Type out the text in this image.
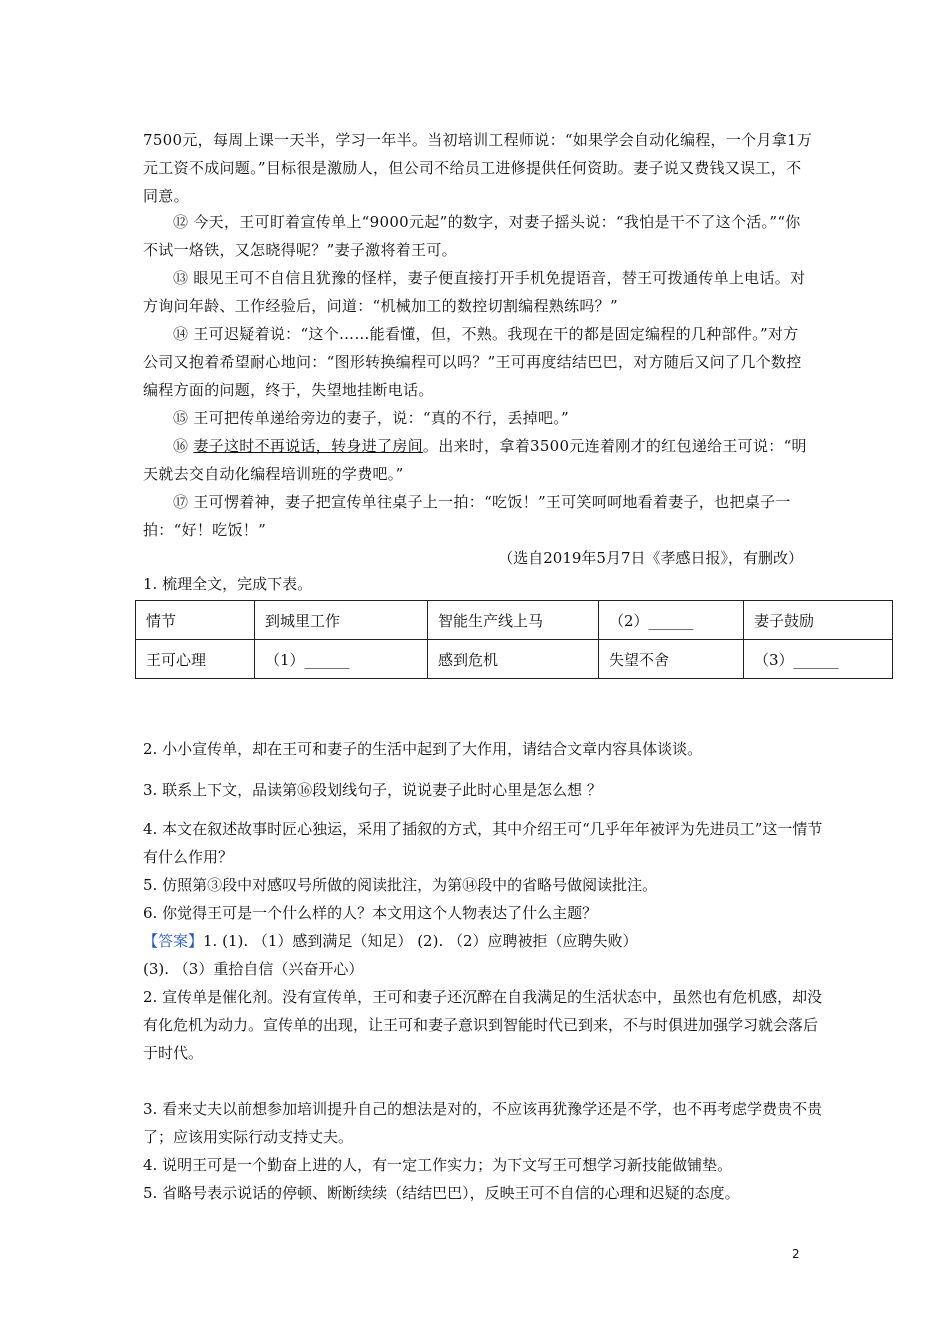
7500元，每周上课一天半，学习一年半。当初培训工程师说：“如果学会自动化编程，一个月拿1万元工资不成问题。”目标很是激励人，但公司不给员工进修提供任何资助。妻子说又费钱又误工，不同意。

⑫ 今天，王可盯着宣传单上“9000元起”的数字，对妻子摇头说：“我怕是干不了这个活。”“你不试一烙铁，又怎晓得呢？”妻子激将着王可。

⑬ 眼见王可不自信且犹豫的怪样，妻子便直接打开手机免提语音，替王可拨通传单上电话。对方询问年龄、工作经验后，问道：“机械加工的数控切割编程熟练吗？”

⑭ 王可迟疑着说：“这个……能看懂，但，不熟。我现在干的都是固定编程的几种部件。”对方公司又抱着希望耐心地问：“图形转换编程可以吗？”王可再度结结巴巴，对方随后又问了几个数控编程方面的问题，终于，失望地挂断电话。

⑮ 王可把传单递给旁边的妻子，说：“真的不行，丢掉吧。”

⑯ 妻子这时不再说话，转身进了房间。出来时，拿着3500元连着刚才的红包递给王可说：“明天就去交自动化编程培训班的学费吧。”

⑰ 王可愣着神，妻子把宣传单往桌子上一拍：“吃饭！”王可笑呵呵地看着妻子，也把桌子一拍：“好！吃饭！”

（选自2019年5月7日《孝感日报》，有删改）

1. 梳理全文，完成下表。

情节	到城里工作	智能生产线上马	（2）______	妻子鼓励
王可心理	（1）______	感到危机	失望不舍	（3）______

2. 小小宣传单，却在王可和妻子的生活中起到了大作用，请结合文章内容具体谈谈。

3. 联系上下文，品读第⑯段划线句子，说说妻子此时心里是怎么想 ？

4. 本文在叙述故事时匠心独运，采用了插叙的方式，其中介绍王可“几乎年年被评为先进员工”这一情节有什么作用？

5. 仿照第③段中对感叹号所做的阅读批注，为第⑭段中的省略号做阅读批注。

6. 你觉得王可是一个什么样的人？本文用这个人物表达了什么主题？

【答案】1. (1). （1）感到满足（知足） (2). （2）应聘被拒（应聘失败）

(3). （3）重拾自信（兴奋开心）

2. 宣传单是催化剂。没有宣传单，王可和妻子还沉醉在自我满足的生活状态中，虽然也有危机感，却没有化危机为动力。宣传单的出现，让王可和妻子意识到智能时代已到来，不与时俱进加强学习就会落后于时代。

3. 看来丈夫以前想参加培训提升自己的想法是对的，不应该再犹豫学还是不学，也不再考虑学费贵不贵了；应该用实际行动支持丈夫。

4. 说明王可是一个勤奋上进的人，有一定工作实力；为下文写王可想学习新技能做铺垫。

5. 省略号表示说话的停顿、断断续续（结结巴巴），反映王可不自信的心理和迟疑的态度。

2
